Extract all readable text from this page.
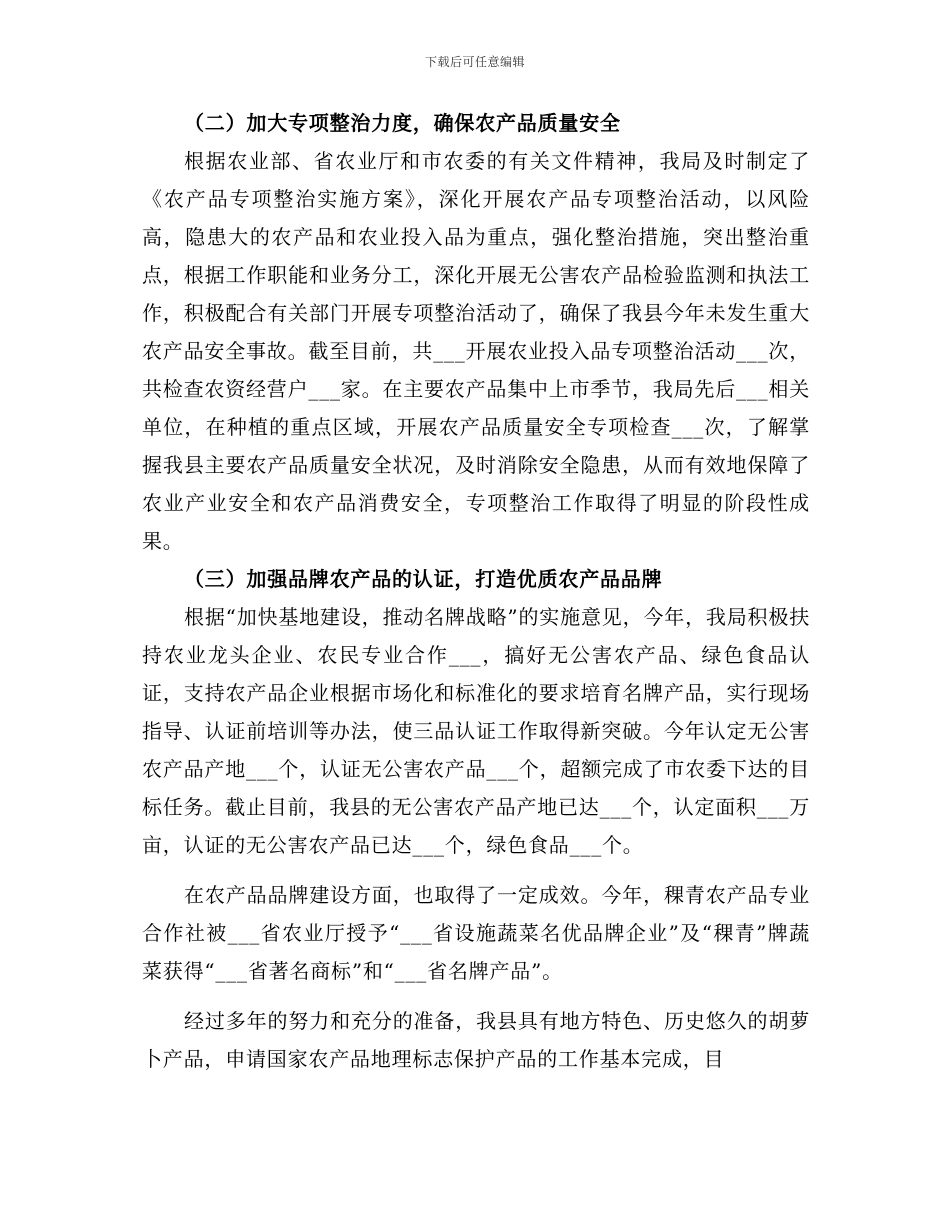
下载后可任意编辑

（二）加大专项整治力度，确保农产品质量安全

根据农业部、省农业厅和市农委的有关文件精神，我局及时制定了《农产品专项整治实施方案》，深化开展农产品专项整治活动，以风险高，隐患大的农产品和农业投入品为重点，强化整治措施，突出整治重点，根据工作职能和业务分工，深化开展无公害农产品检验监测和执法工作，积极配合有关部门开展专项整治活动了，确保了我县今年未发生重大农产品安全事故。截至目前，共___开展农业投入品专项整治活动___次，共检查农资经营户___家。在主要农产品集中上市季节，我局先后___相关单位，在种植的重点区域，开展农产品质量安全专项检查___次，了解掌握我县主要农产品质量安全状况，及时消除安全隐患，从而有效地保障了农业产业安全和农产品消费安全，专项整治工作取得了明显的阶段性成果。

（三）加强品牌农产品的认证，打造优质农产品品牌

根据“加快基地建设，推动名牌战略”的实施意见，今年，我局积极扶持农业龙头企业、农民专业合作___，搞好无公害农产品、绿色食品认证，支持农产品企业根据市场化和标准化的要求培育名牌产品，实行现场指导、认证前培训等办法，使三品认证工作取得新突破。今年认定无公害农产品产地___个，认证无公害农产品___个，超额完成了市农委下达的目标任务。截止目前，我县的无公害农产品产地已达___个，认定面积___万亩，认证的无公害农产品已达___个，绿色食品___个。

在农产品品牌建设方面，也取得了一定成效。今年，稞青农产品专业合作社被___省农业厅授予“___省设施蔬菜名优品牌企业”及“稞青”牌蔬菜获得“___省著名商标”和“___省名牌产品”。

经过多年的努力和充分的准备，我县具有地方特色、历史悠久的胡萝卜产品，申请国家农产品地理标志保护产品的工作基本完成，目
